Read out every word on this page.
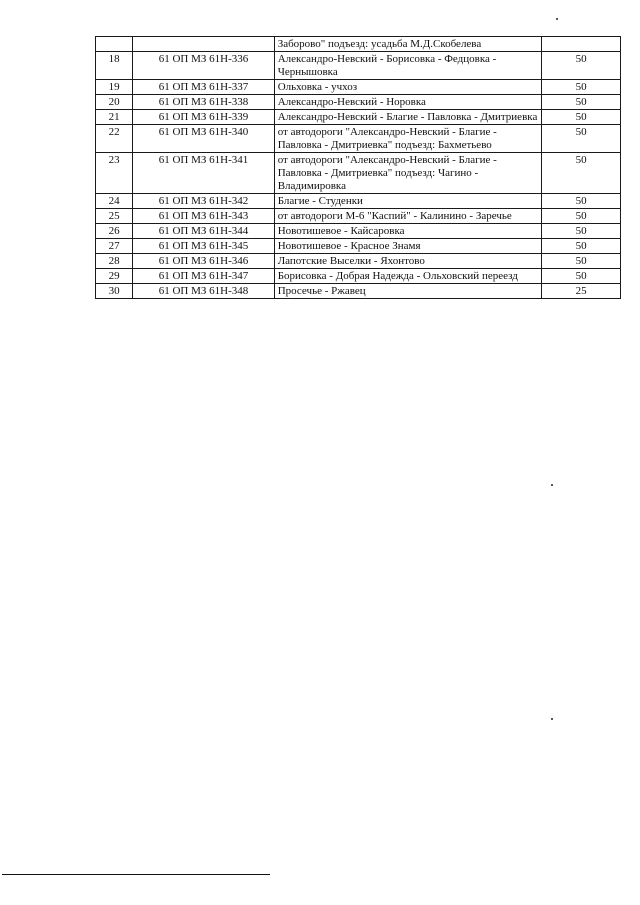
		Заборово" подъезд: усадьба М.Д.Скобелева	
18	61 ОП МЗ 61Н-336	Александро-Невский - Борисовка - Федцовка - Чернышовка	50
19	61 ОП МЗ 61Н-337	Ольховка - учхоз	50
20	61 ОП МЗ 61Н-338	Александро-Невский - Норовка	50
21	61 ОП МЗ 61Н-339	Александро-Невский - Благие - Павловка - Дмитриевка	50
22	61 ОП МЗ 61Н-340	от автодороги "Александро-Невский - Благие - Павловка - Дмитриевка" подъезд: Бахметьево	50
23	61 ОП МЗ 61Н-341	от автодороги "Александро-Невский - Благие - Павловка - Дмитриевка" подъезд: Чагино - Владимировка	50
24	61 ОП МЗ 61Н-342	Благие - Студенки	50
25	61 ОП МЗ 61Н-343	от автодороги М-6 "Каспий" - Калинино - Заречье	50
26	61 ОП МЗ 61Н-344	Новотишевое - Кайсаровка	50
27	61 ОП МЗ 61Н-345	Новотишевое - Красное Знамя	50
28	61 ОП МЗ 61Н-346	Лапотские Выселки - Яхонтово	50
29	61 ОП МЗ 61Н-347	Борисовка - Добрая Надежда - Ольховский переезд	50
30	61 ОП МЗ 61Н-348	Просечье - Ржавец	25
